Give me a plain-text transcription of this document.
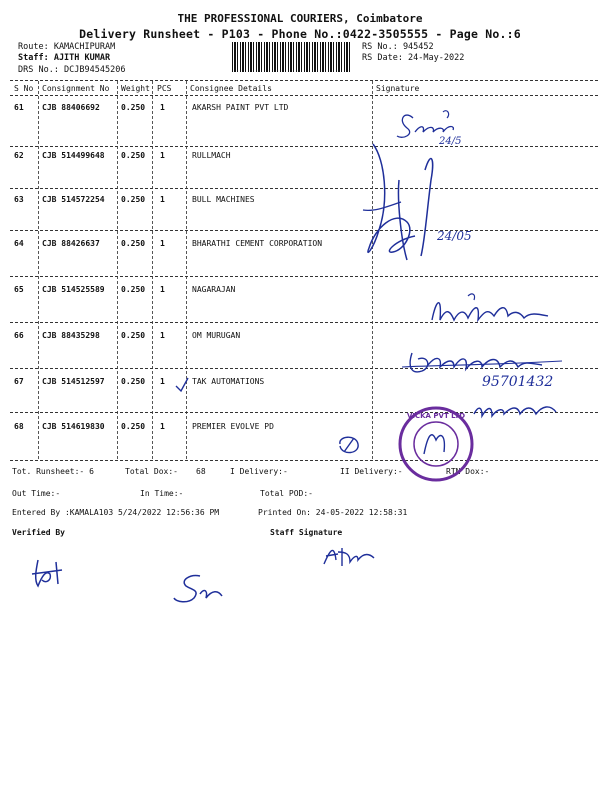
THE PROFESSIONAL COURIERS, Coimbatore
Delivery Runsheet - P103 - Phone No.:0422-3505555 - Page No.:6
Route: KAMACHIPURAM
Staff: AJITH KUMAR
DRS No.: DCJB94545206
RS No.: 945452
RS Date: 24-May-2022
S No Consignment No Weight PCS Consignee Details	Signature
61 CJB 88406692	0.250 1	AKARSH PAINT PVT LTD
62 CJB 514499648 0.250 1	RULLMACH
63 CJB 514572254 0.250 1	BULL MACHINES
64 CJB 88426637	0.250 1	BHARATHI CEMENT CORPORATION
65 CJB 514525589 0.250 1	NAGARAJAN
66 CJB 88435298	0.250 1	OM MURUGAN
67 CJB 514512597 0.250 1	TAK AUTOMATIONS
68 CJB 514619830 0.250 1	PREMIER EVOLVE PD
Tot. Runsheet:- 6	Total Dox:- 68	I Delivery:-	II Delivery:-	RTN Dox:-
Out Time:-	In Time:-	Total POD:-
Entered By :KAMALA103 5/24/2022 12:56:36 PM	Printed On: 24-05-2022 12:58:31
Verified By	Staff Signature
24/5
24/05
95701432
VICKA PVT LTD
